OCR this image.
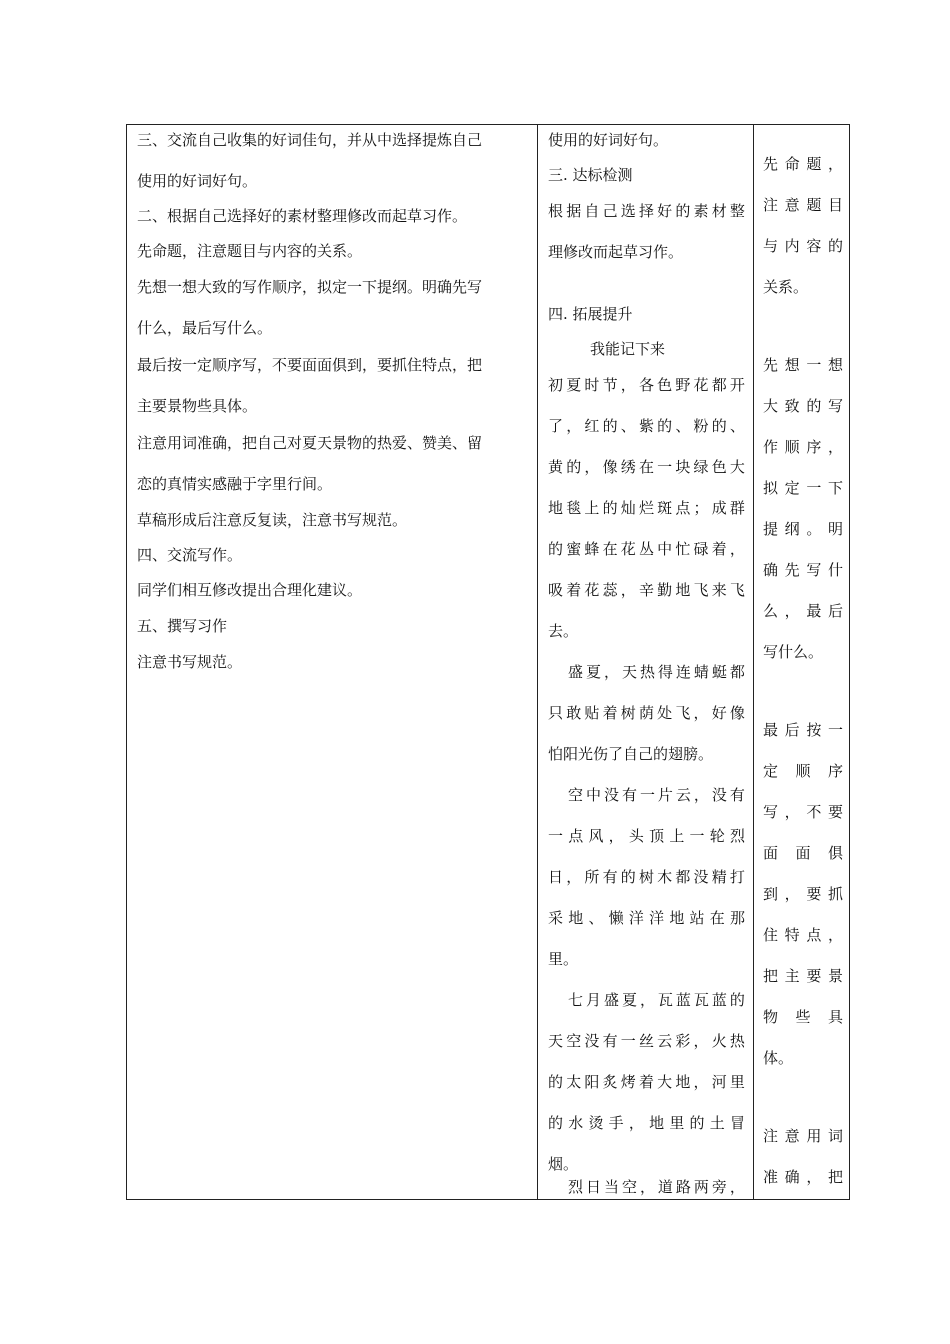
三、交流自己收集的好词佳句，并从中选择提炼自己
使用的好词好句。
二、根据自己选择好的素材整理修改而起草习作。
先命题，注意题目与内容的关系。
先想一想大致的写作顺序，拟定一下提纲。明确先写
什么，最后写什么。
最后按一定顺序写，不要面面俱到，要抓住特点，把
主要景物些具体。
注意用词准确，把自己对夏天景物的热爱、赞美、留
恋的真情实感融于字里行间。
草稿形成后注意反复读，注意书写规范。
四、交流写作。
同学们相互修改提出合理化建议。
五、撰写习作
注意书写规范。
使用的好词好句。
三. 达标检测
根 据 自 己 选 择 好 的 素 材 整
理修改而起草习作。
四. 拓展提升
我能记下来
初 夏 时 节 ， 各 色 野 花 都 开
了 ， 红 的 、 紫 的 、 粉 的 、
黄 的 ， 像 绣 在 一 块 绿 色 大
地 毯 上 的 灿 烂 斑 点 ； 成 群
的 蜜 蜂 在 花 丛 中 忙 碌 着 ，
吸 着 花 蕊 ， 辛 勤 地 飞 来 飞
去。
盛 夏 ， 天 热 得 连 蜻 蜓 都
只 敢 贴 着 树 荫 处 飞 ， 好 像
怕阳光伤了自己的翅膀。
空 中 没 有 一 片 云 ， 没 有
一 点 风 ， 头 顶 上 一 轮 烈
日 ， 所 有 的 树 木 都 没 精 打
采 地 、 懒 洋 洋 地 站 在 那
里。
七 月 盛 夏 ， 瓦 蓝 瓦 蓝 的
天 空 没 有 一 丝 云 彩 ， 火 热
的 太 阳 炙 烤 着 大 地 ， 河 里
的 水 烫 手 ， 地 里 的 土 冒
烟。
烈 日 当 空 ， 道 路 两 旁 ，
先 命 题 ，
注 意 题 目
与 内 容 的
关系。
先 想 一 想
大 致 的 写
作 顺 序 ，
拟 定 一 下
提 纲 。 明
确 先 写 什
么 ， 最 后
写什么。
最 后 按 一
定 顺 序
写 ， 不 要
面 面 俱
到 ， 要 抓
住 特 点 ，
把 主 要 景
物 些 具
体。
注 意 用 词
准 确 ， 把
